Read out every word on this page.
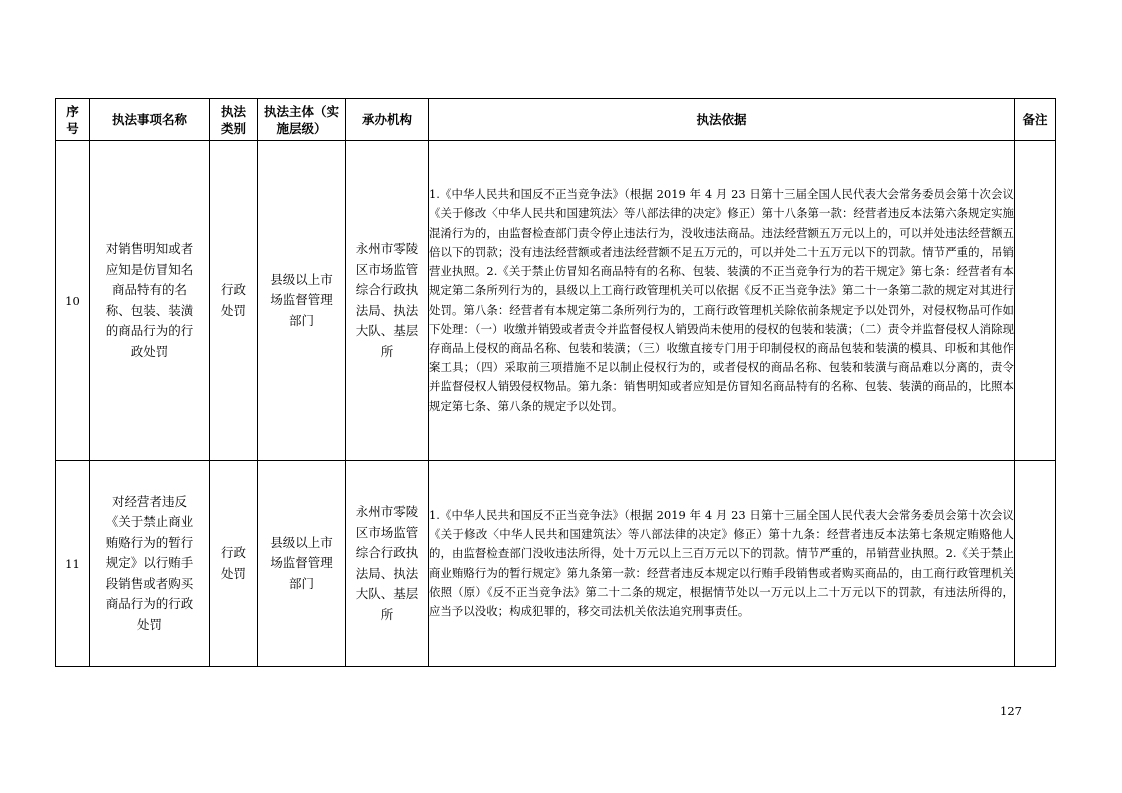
序号	执法事项名称	执法类别	执法主体（实施层级）	承办机构	执法依据	备注
10	对销售明知或者应知是仿冒知名商品特有的名称、包装、装潢的商品行为的行政处罚	行政处罚	县级以上市场监督管理部门	永州市零陵区市场监管综合行政执法局、执法大队、基层所	1.《中华人民共和国反不正当竞争法》（根据 2019 年 4 月 23 日第十三届全国人民代表大会常务委员会第十次会议《关于修改〈中华人民共和国建筑法〉等八部法律的决定》修正）第十八条第一款：经营者违反本法第六条规定实施混淆行为的，由监督检查部门责令停止违法行为，没收违法商品。违法经营额五万元以上的，可以并处违法经营额五倍以下的罚款；没有违法经营额或者违法经营额不足五万元的，可以并处二十五万元以下的罚款。情节严重的，吊销营业执照。2.《关于禁止仿冒知名商品特有的名称、包装、装潢的不正当竞争行为的若干规定》第七条：经营者有本规定第二条所列行为的，县级以上工商行政管理机关可以依据《反不正当竞争法》第二十一条第二款的规定对其进行处罚。第八条：经营者有本规定第二条所列行为的，工商行政管理机关除依前条规定予以处罚外，对侵权物品可作如下处理：（一）收缴并销毁或者责令并监督侵权人销毁尚未使用的侵权的包装和装潢；（二）责令并监督侵权人消除现存商品上侵权的商品名称、包装和装潢；（三）收缴直接专门用于印制侵权的商品包装和装潢的模具、印板和其他作案工具；（四）采取前三项措施不足以制止侵权行为的，或者侵权的商品名称、包装和装潢与商品难以分离的，责令并监督侵权人销毁侵权物品。第九条：销售明知或者应知是仿冒知名商品特有的名称、包装、装潢的商品的，比照本规定第七条、第八条的规定予以处罚。	
11	对经营者违反《关于禁止商业贿赂行为的暂行规定》以行贿手段销售或者购买商品行为的行政处罚	行政处罚	县级以上市场监督管理部门	永州市零陵区市场监管综合行政执法局、执法大队、基层所	1.《中华人民共和国反不正当竞争法》（根据 2019 年 4 月 23 日第十三届全国人民代表大会常务委员会第十次会议《关于修改〈中华人民共和国建筑法〉等八部法律的决定》修正）第十九条：经营者违反本法第七条规定贿赂他人的，由监督检查部门没收违法所得，处十万元以上三百万元以下的罚款。情节严重的，吊销营业执照。2.《关于禁止商业贿赂行为的暂行规定》第九条第一款：经营者违反本规定以行贿手段销售或者购买商品的，由工商行政管理机关依照（原）《反不正当竞争法》第二十二条的规定，根据情节处以一万元以上二十万元以下的罚款，有违法所得的，应当予以没收；构成犯罪的，移交司法机关依法追究刑事责任。	
127
